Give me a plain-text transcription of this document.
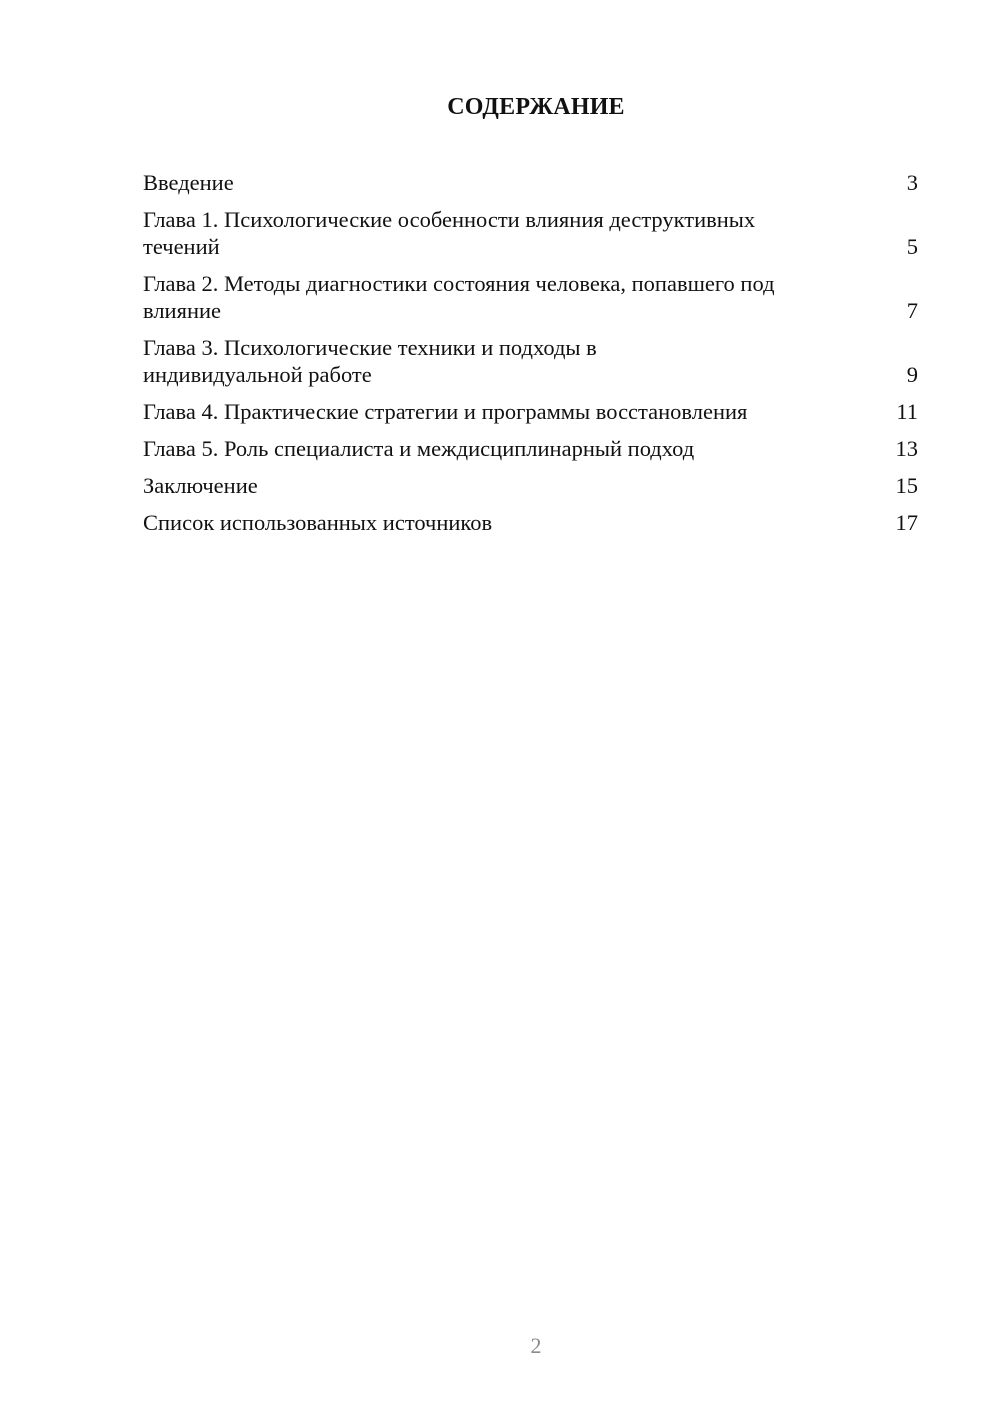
СОДЕРЖАНИЕ
Введение	3
Глава 1. Психологические особенности влияния деструктивных течений	5
Глава 2. Методы диагностики состояния человека, попавшего под влияние	7
Глава 3. Психологические техники и подходы в индивидуальной работе	9
Глава 4. Практические стратегии и программы восстановления	11
Глава 5. Роль специалиста и междисциплинарный подход	13
Заключение	15
Список использованных источников	17
2
